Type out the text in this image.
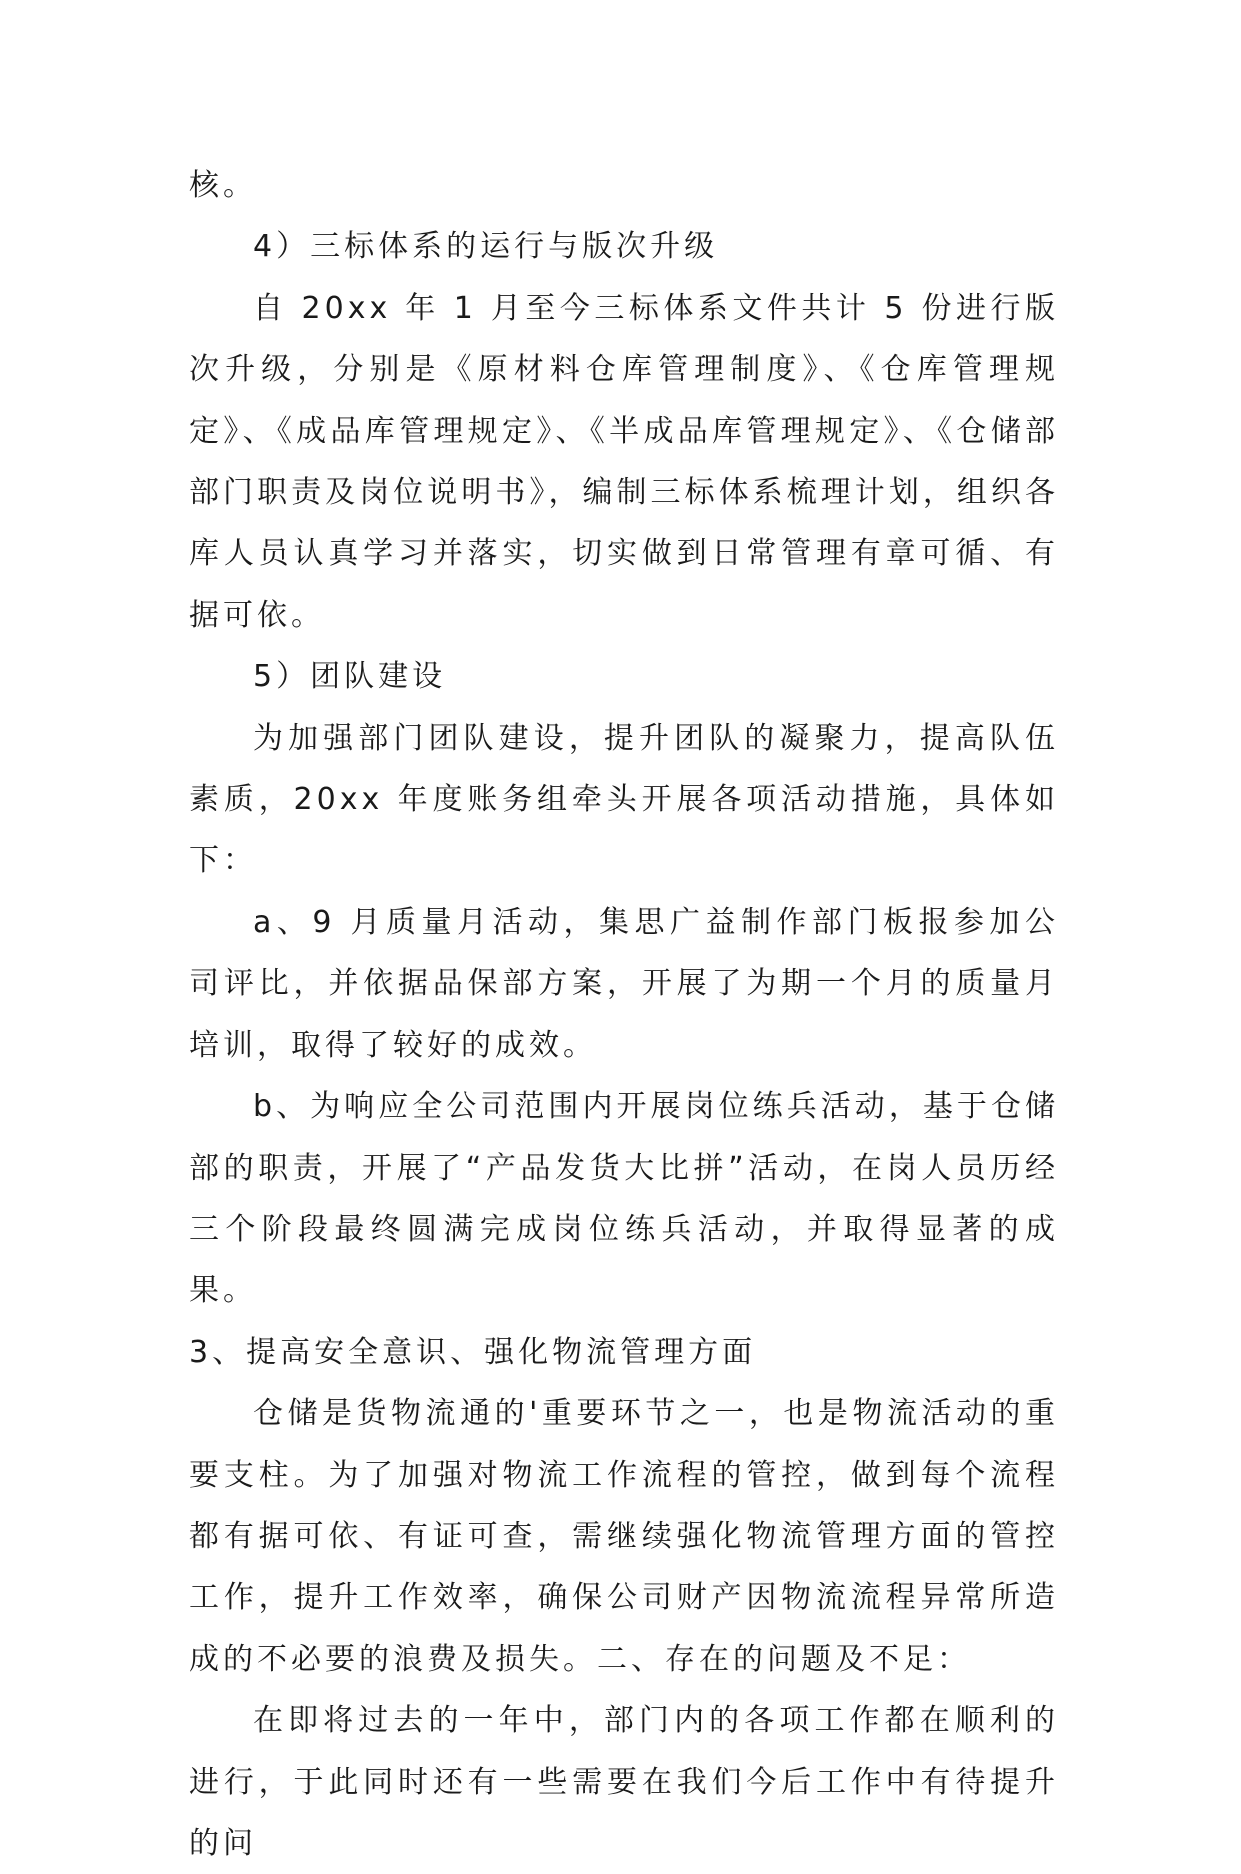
核。

4）三标体系的运行与版次升级

自 20xx 年 1 月至今三标体系文件共计 5 份进行版次升级，分别是《原材料仓库管理制度》、《仓库管理规定》、《成品库管理规定》、《半成品库管理规定》、《仓储部部门职责及岗位说明书》，编制三标体系梳理计划，组织各库人员认真学习并落实，切实做到日常管理有章可循、有据可依。

5）团队建设

为加强部门团队建设，提升团队的凝聚力，提高队伍素质，20xx 年度账务组牵头开展各项活动措施，具体如下：

a、9 月质量月活动，集思广益制作部门板报参加公司评比，并依据品保部方案，开展了为期一个月的质量月培训，取得了较好的成效。

b、为响应全公司范围内开展岗位练兵活动，基于仓储部的职责，开展了“产品发货大比拼”活动，在岗人员历经三个阶段最终圆满完成岗位练兵活动，并取得显著的成果。

3、提高安全意识、强化物流管理方面

仓储是货物流通的'重要环节之一，也是物流活动的重要支柱。为了加强对物流工作流程的管控，做到每个流程都有据可依、有证可查，需继续强化物流管理方面的管控工作，提升工作效率，确保公司财产因物流流程异常所造成的不必要的浪费及损失。二、存在的问题及不足：

在即将过去的一年中，部门内的各项工作都在顺利的进行，于此同时还有一些需要在我们今后工作中有待提升的问
